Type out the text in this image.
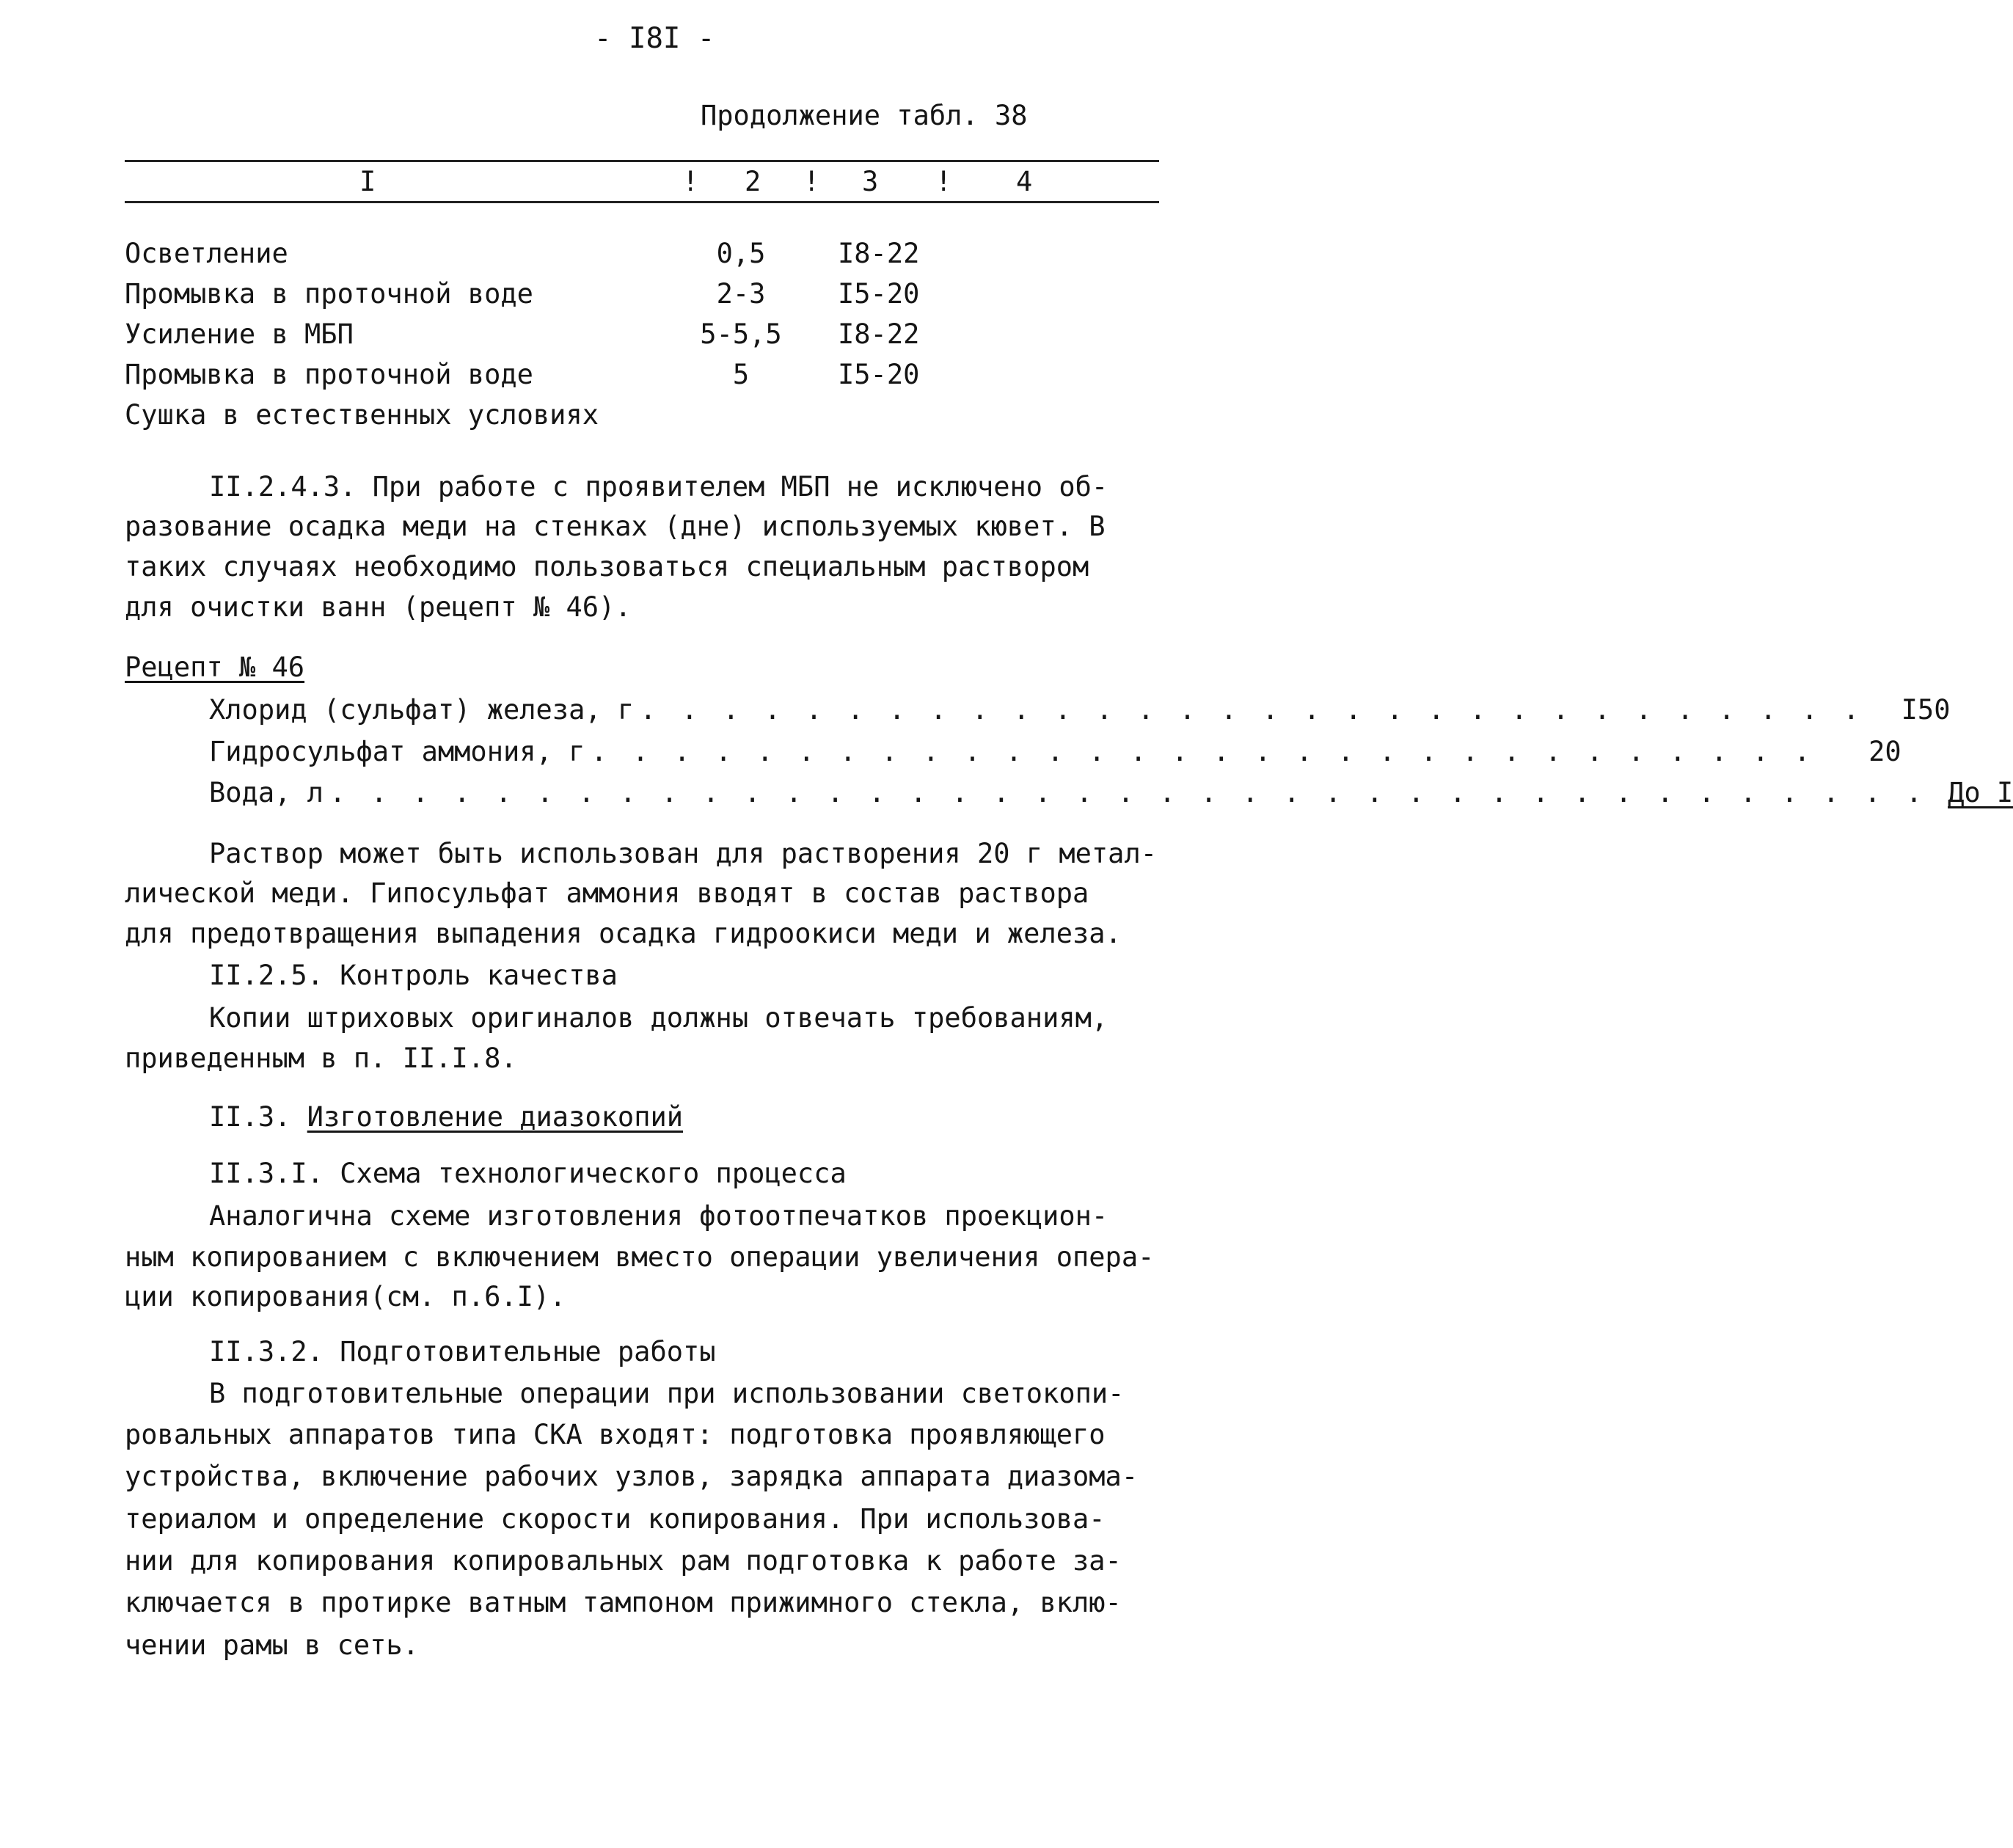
- I8I -
Продолжение табл. 38
I	! 2 ! 3 ! 4
Осветление	0,5	I8-22
Промывка в проточной воде	2-3	I5-20
Усиление в МБП	5-5,5	I8-22
Промывка в проточной воде	5	I5-20
Сушка в естественных условиях
II.2.4.3. При работе с проявителем МБП не исключено об-
разование осадка меди на стенках (дне) используемых кювет. В
таких случаях необходимо пользоваться специальным раствором
для очистки ванн (рецепт № 46).
Рецепт № 46
Хлорид (сульфат) железа, г . . . . . . . . . . . . . . . . . . . . . . . . . . . . . .	I50
Гидросульфат аммония, г . . . . . . . . . . . . . . . . . . . . . . . . . . . . . .	20
Вода, л . . . . . . . . . . . . . . . . . . . . . . . . . . . . . . . . . . . . . . . До I
Раствор может быть использован для растворения 20 г метал-
лической меди. Гипосульфат аммония вводят в состав раствора
для предотвращения выпадения осадка гидроокиси меди и железа.
II.2.5. Контроль качества
Копии штриховых оригиналов должны отвечать требованиям,
приведенным в п. II.I.8.
II.3. Изготовление диазокопий
II.3.I. Схема технологического процесса
Аналогична схеме изготовления фотоотпечатков проекцион-
ным копированием с включением вместо операции увеличения опера-
ции копирования(см. п.6.I).
II.3.2. Подготовительные работы
В подготовительные операции при использовании светокопи-
ровальных аппаратов типа СКА входят: подготовка проявляющего
устройства, включение рабочих узлов, зарядка аппарата диазома-
териалом и определение скорости копирования. При использова-
нии для копирования копировальных рам подготовка к работе за-
ключается в протирке ватным тампоном прижимного стекла, вклю-
чении рамы в сеть.
